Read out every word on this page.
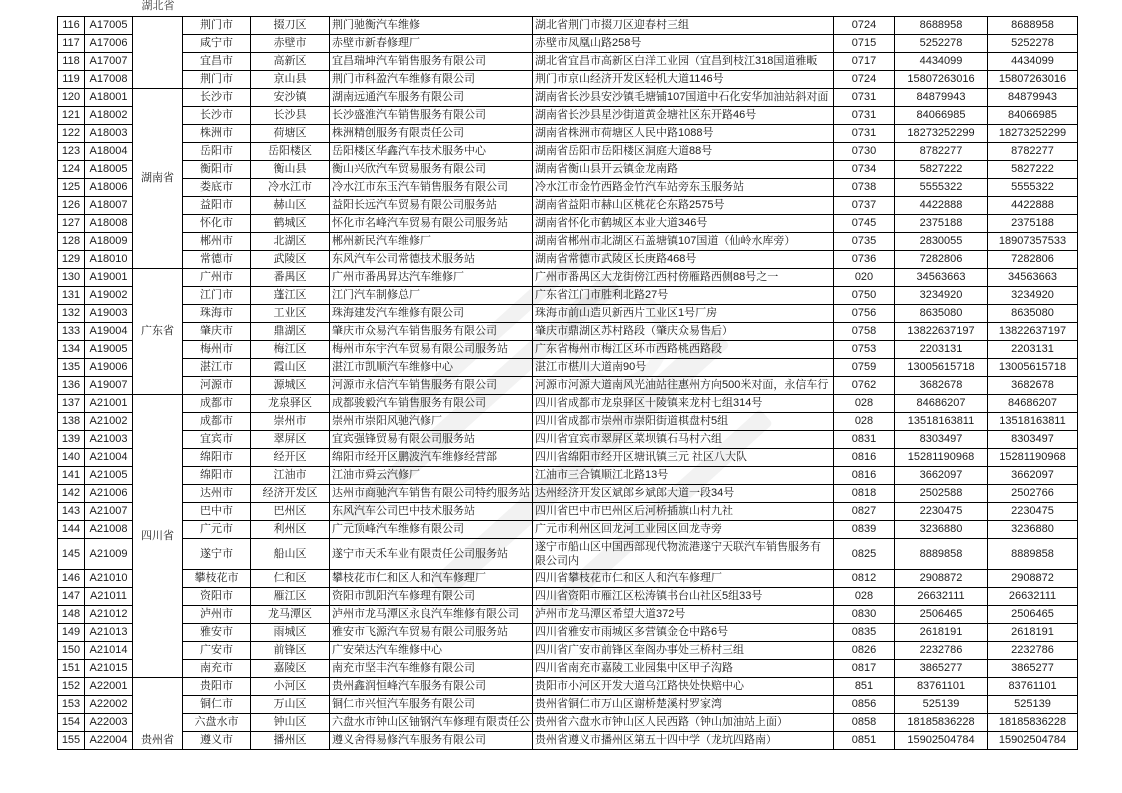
湖北省
116	A17005		荆门市	掇刀区	荆门驰衡汽车维修	湖北省荆门市掇刀区迎春村三组	0724	8688958	8688958
117	A17006		咸宁市	赤壁市	赤壁市新春修理厂	赤壁市凤凰山路258号	0715	5252278	5252278
118	A17007		宜昌市	高新区	宜昌瑞坤汽车销售服务有限公司	湖北省宜昌市高新区白洋工业园（宜昌到枝江318国道雅畈	0717	4434099	4434099
119	A17008		荆门市	京山县	荆门市科盈汽车维修有限公司	荆门市京山经济开发区轻机大道1146号	0724	15807263016	15807263016
120	A18001	湖南省	长沙市	安沙镇	湖南远通汽车服务有限公司	湖南省长沙县安沙镇毛塘铺107国道中石化安华加油站斜对面	0731	84879943	84879943
121	A18002		长沙市	长沙县	长沙盛淮汽车销售服务有限公司	湖南省长沙县星沙街道黄金塘社区东开路46号	0731	84066985	84066985
122	A18003		株洲市	荷塘区	株洲精创服务有限责任公司	湖南省株洲市荷塘区人民中路1088号	0731	18273252299	18273252299
123	A18004		岳阳市	岳阳楼区	岳阳楼区华鑫汽车技术服务中心	湖南省岳阳市岳阳楼区洞庭大道88号	0730	8782277	8782277
124	A18005		衡阳市	衡山县	衡山兴欣汽车贸易服务有限公司	湖南省衡山县开云镇金龙南路	0734	5827222	5827222
125	A18006		娄底市	冷水江市	冷水江市东玉汽车销售服务有限公司	冷水江市金竹西路金竹汽车站旁东玉服务站	0738	5555322	5555322
126	A18007		益阳市	赫山区	益阳长远汽车贸易有限公司服务站	湖南省益阳市赫山区桃花仑东路2575号	0737	4422888	4422888
127	A18008		怀化市	鹤城区	怀化市名峰汽车贸易有限公司服务站	湖南省怀化市鹤城区本业大道346号	0745	2375188	2375188
128	A18009		郴州市	北湖区	郴州新民汽车维修厂	湖南省郴州市北湖区石盖塘镇107国道（仙岭水库旁）	0735	2830055	18907357533
129	A18010		常德市	武陵区	东风汽车公司常德技术服务站	湖南省常德市武陵区长庚路468号	0736	7282806	7282806
130	A19001	广东省	广州市	番禺区	广州市番禺昇达汽车维修厂	广州市番禺区大龙街傍江西村傍雁路西侧88号之一	020	34563663	34563663
131	A19002		江门市	蓬江区	江门汽车制修总厂	广东省江门市胜利北路27号	0750	3234920	3234920
132	A19003		珠海市	工业区	珠海建发汽车维修有限公司	珠海市前山造贝新西片工业区1号厂房	0756	8635080	8635080
133	A19004		肇庆市	鼎湖区	肇庆市众易汽车销售服务有限公司	肇庆市鼎湖区苏村路段（肇庆众易售后）	0758	13822637197	13822637197
134	A19005		梅州市	梅江区	梅州市东宇汽车贸易有限公司服务站	广东省梅州市梅江区环市西路桃西路段	0753	2203131	2203131
135	A19006		湛江市	霞山区	湛江市凯顺汽车维修中心	湛江市椹川大道南90号	0759	13005615718	13005615718
136	A19007		河源市	源城区	河源市永信汽车销售服务有限公司	河源市河源大道南风光油站往惠州方向500米对面，永信车行	0762	3682678	3682678
137	A21001	四川省	成都市	龙泉驿区	成都骏毅汽车销售服务有限公司	四川省成都市龙泉驿区十陵镇来龙村七组314号	028	84686207	84686207
138	A21002		成都市	崇州市	崇州市崇阳风驰汽修厂	四川省成都市崇州市崇阳街道棋盘村5组	028	13518163811	13518163811
139	A21003		宜宾市	翠屏区	宜宾强锋贸易有限公司服务站	四川省宜宾市翠屏区菜坝镇石马村六组	0831	8303497	8303497
140	A21004		绵阳市	经开区	绵阳市经开区鹏波汽车维修经营部	四川省绵阳市经开区塘讯镇三元 社区八大队	0816	15281190968	15281190968
141	A21005		绵阳市	江油市	江油市舜云汽修厂	江油市三合镇顺江北路13号	0816	3662097	3662097
142	A21006		达州市	经济开发区	达州市商驰汽车销售有限公司特约服务站	达州经济开发区斌郎乡斌郎大道一段34号	0818	2502588	2502766
143	A21007		巴中市	巴州区	东风汽车公司巴中技术服务站	四川省巴中市巴州区后河桥插旗山村九社	0827	2230475	2230475
144	A21008		广元市	利州区	广元顶峰汽车维修有限公司	广元市利州区回龙河工业园区回龙寺旁	0839	3236880	3236880
145	A21009		遂宁市	船山区	遂宁市天禾车业有限责任公司服务站	遂宁市船山区中国西部现代物流港遂宁天联汽车销售服务有限公司内	0825	8889858	8889858
146	A21010		攀枝花市	仁和区	攀枝花市仁和区人和汽车修理厂	四川省攀枝花市仁和区人和汽车修理厂	0812	2908872	2908872
147	A21011		资阳市	雁江区	资阳市凯阳汽车修理有限公司	四川省资阳市雁江区松涛镇书台山社区5组33号	028	26632111	26632111
148	A21012		泸州市	龙马潭区	泸州市龙马潭区永良汽车维修有限公司	泸州市龙马潭区希望大道372号	0830	2506465	2506465
149	A21013		雅安市	雨城区	雅安市飞源汽车贸易有限公司服务站	四川省雅安市雨城区多营镇金仓中路6号	0835	2618191	2618191
150	A21014		广安市	前锋区	广安荣达汽车维修中心	四川省广安市前锋区奎阁办事处三桥村三组	0826	2232786	2232786
151	A21015		南充市	嘉陵区	南充市坚丰汽车维修有限公司	四川省南充市嘉陵工业园集中区甲子沟路	0817	3865277	3865277
152	A22001	贵州省	贵阳市	小河区	贵州鑫润恒峰汽车服务有限公司	贵阳市小河区开发大道乌江路快处快赔中心	851	83761101	83761101
153	A22002		铜仁市	万山区	铜仁市兴恒汽车服务有限公司	贵州省铜仁市万山区谢桥楚溪村罗家湾	0856	525139	525139
154	A22003		六盘水市	钟山区	六盘水市钟山区铀钢汽车修理有限责任公	贵州省六盘水市钟山区人民西路（钟山加油站上面）	0858	18185836228	18185836228
155	A22004		遵义市	播州区	遵义舍得易修汽车服务有限公司	贵州省遵义市播州区第五十四中学（龙坑四路南）	0851	15902504784	15902504784
